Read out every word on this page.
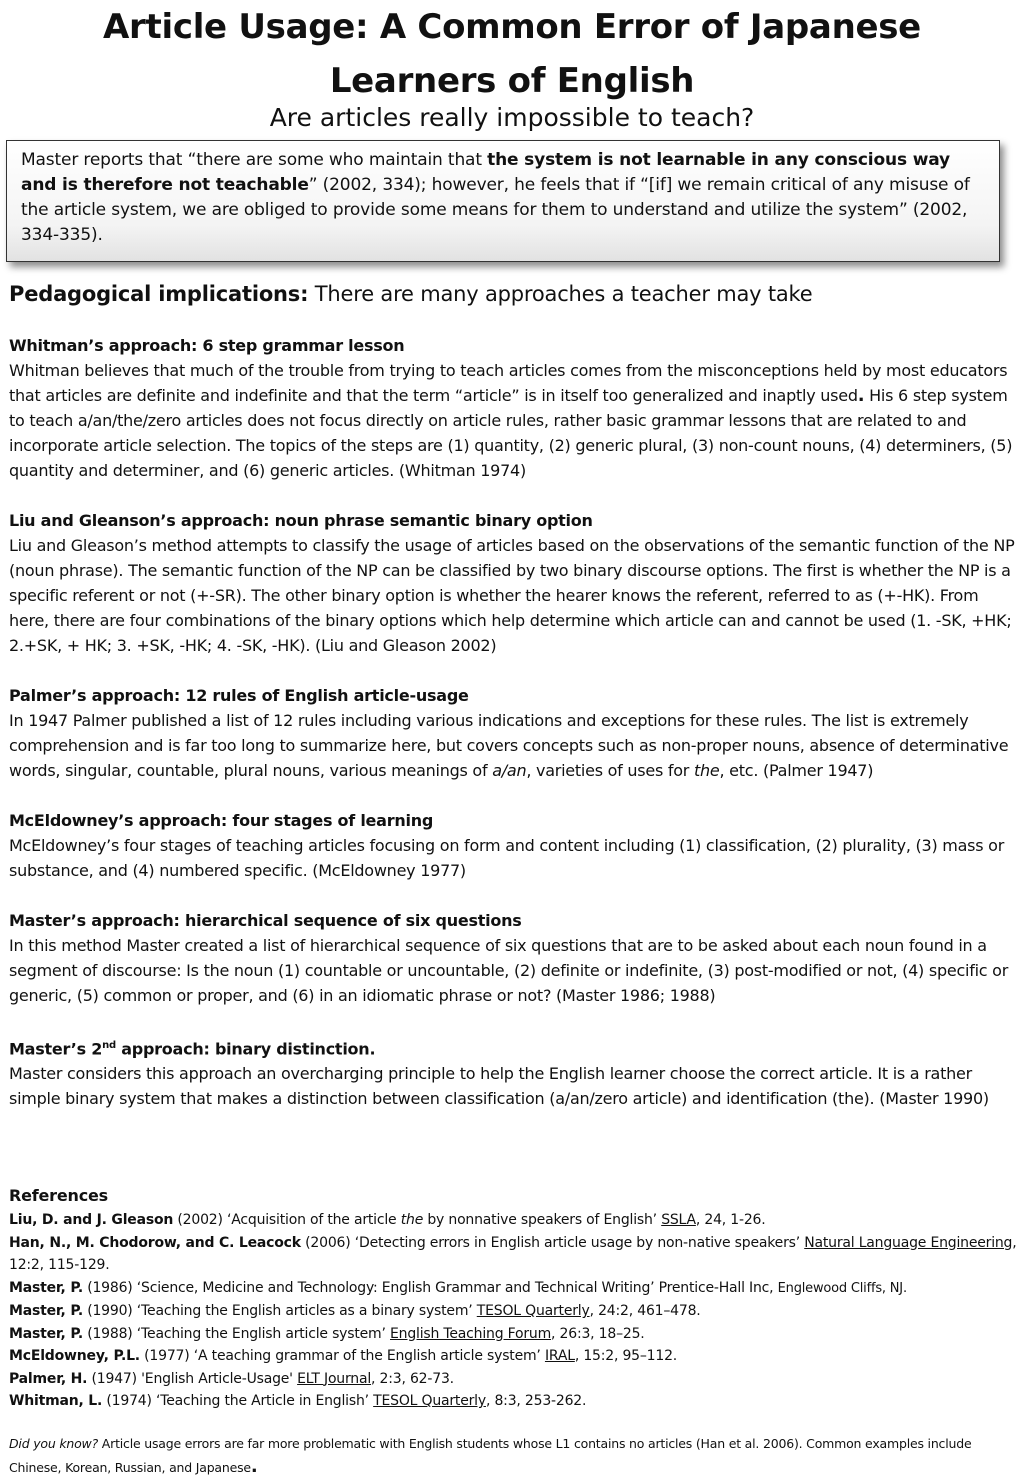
Article Usage: A Common Error of Japanese
Learners of English
Are articles really impossible to teach?
Master reports that “there are some who maintain that the system is not learnable in any conscious way and is therefore not teachable” (2002, 334); however, he feels that if “[if] we remain critical of any misuse of the article system, we are obliged to provide some means for them to understand and utilize the system” (2002, 334-335).
Pedagogical implications: There are many approaches a teacher may take
Whitman’s approach: 6 step grammar lesson
Whitman believes that much of the trouble from trying to teach articles comes from the misconceptions held by most educators that articles are definite and indefinite and that the term “article” is in itself too generalized and inaptly used. His 6 step system to teach a/an/the/zero articles does not focus directly on article rules, rather basic grammar lessons that are related to and incorporate article selection. The topics of the steps are (1) quantity, (2) generic plural, (3) non-count nouns, (4) determiners, (5) quantity and determiner, and (6) generic articles. (Whitman 1974)
Liu and Gleanson’s approach: noun phrase semantic binary option
Liu and Gleason’s method attempts to classify the usage of articles based on the observations of the semantic function of the NP (noun phrase). The semantic function of the NP can be classified by two binary discourse options. The first is whether the NP is a specific referent or not (+-SR). The other binary option is whether the hearer knows the referent, referred to as (+-HK). From here, there are four combinations of the binary options which help determine which article can and cannot be used (1. -SK, +HK; 2.+SK, + HK; 3. +SK, -HK; 4. -SK, -HK). (Liu and Gleason 2002)
Palmer’s approach: 12 rules of English article-usage
In 1947 Palmer published a list of 12 rules including various indications and exceptions for these rules. The list is extremely comprehension and is far too long to summarize here, but covers concepts such as non-proper nouns, absence of determinative words, singular, countable, plural nouns, various meanings of a/an, varieties of uses for the, etc. (Palmer 1947)
McEldowney’s approach: four stages of learning
McEldowney’s four stages of teaching articles focusing on form and content including (1) classification, (2) plurality, (3) mass or substance, and (4) numbered specific. (McEldowney 1977)
Master’s approach: hierarchical sequence of six questions
In this method Master created a list of hierarchical sequence of six questions that are to be asked about each noun found in a segment of discourse: Is the noun (1) countable or uncountable, (2) definite or indefinite, (3) post-modified or not, (4) specific or generic, (5) common or proper, and (6) in an idiomatic phrase or not? (Master 1986; 1988)
Master’s 2nd approach: binary distinction.
Master considers this approach an overcharging principle to help the English learner choose the correct article. It is a rather simple binary system that makes a distinction between classification (a/an/zero article) and identification (the). (Master 1990)
References
Liu, D. and J. Gleason (2002) ‘Acquisition of the article the by nonnative speakers of English’ SSLA, 24, 1-26.
Han, N., M. Chodorow, and C. Leacock (2006) ‘Detecting errors in English article usage by non-native speakers’ Natural Language Engineering, 12:2, 115-129.
Master, P. (1986) ‘Science, Medicine and Technology: English Grammar and Technical Writing’ Prentice-Hall Inc, Englewood Cliffs, NJ.
Master, P. (1990) ‘Teaching the English articles as a binary system’ TESOL Quarterly, 24:2, 461–478.
Master, P. (1988) ‘Teaching the English article system’ English Teaching Forum, 26:3, 18–25.
McEldowney, P.L. (1977) ‘A teaching grammar of the English article system’ IRAL, 15:2, 95–112.
Palmer, H. (1947) 'English Article-Usage' ELT Journal, 2:3, 62-73.
Whitman, L. (1974) ‘Teaching the Article in English’ TESOL Quarterly, 8:3, 253-262.
Did you know? Article usage errors are far more problematic with English students whose L1 contains no articles (Han et al. 2006). Common examples include Chinese, Korean, Russian, and Japanese.
